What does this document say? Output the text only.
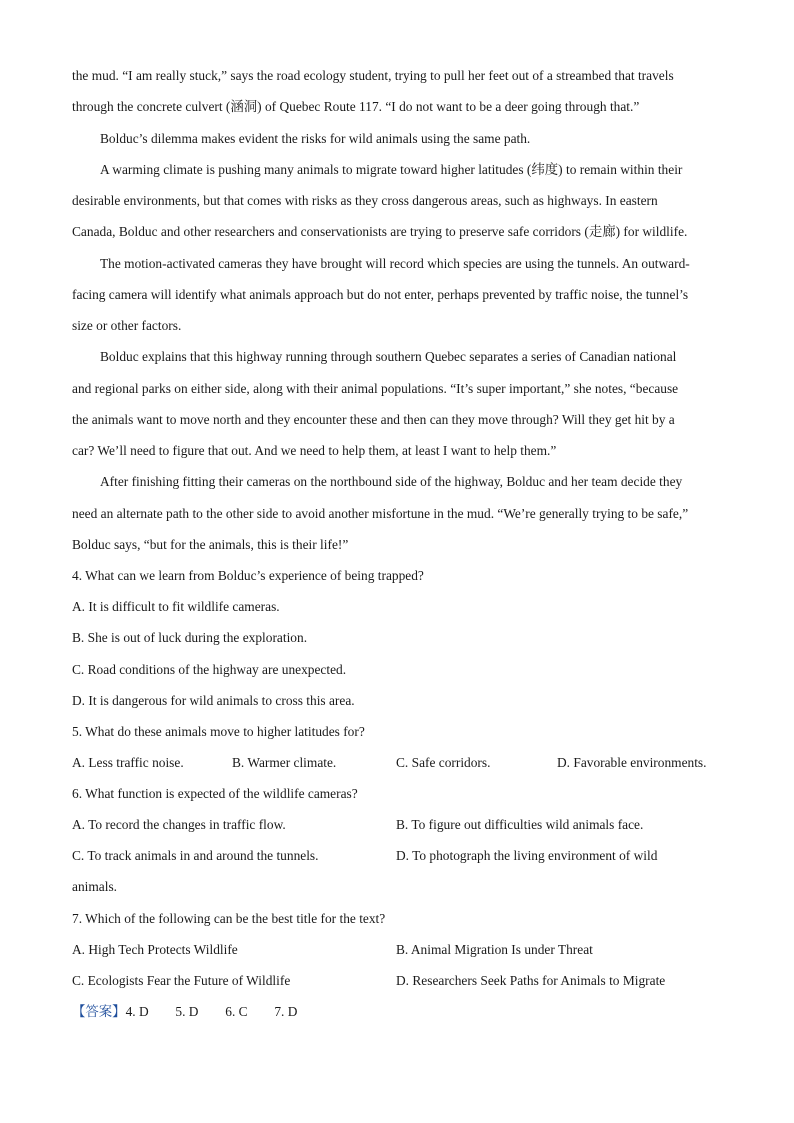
the mud. “I am really stuck,” says the road ecology student, trying to pull her feet out of a streambed that travels
through the concrete culvert (涵洞) of Quebec Route 117. “I do not want to be a deer going through that.”
Bolduc’s dilemma makes evident the risks for wild animals using the same path.
A warming climate is pushing many animals to migrate toward higher latitudes (纬度) to remain within their
desirable environments, but that comes with risks as they cross dangerous areas, such as highways. In eastern
Canada, Bolduc and other researchers and conservationists are trying to preserve safe corridors (走廊) for wildlife.
The motion-activated cameras they have brought will record which species are using the tunnels. An outward-
facing camera will identify what animals approach but do not enter, perhaps prevented by traffic noise, the tunnel’s
size or other factors.
Bolduc explains that this highway running through southern Quebec separates a series of Canadian national
and regional parks on either side, along with their animal populations. “It’s super important,” she notes, “because
the animals want to move north and they encounter these and then can they move through? Will they get hit by a
car? We’ll need to figure that out. And we need to help them, at least I want to help them.”
After finishing fitting their cameras on the northbound side of the highway, Bolduc and her team decide they
need an alternate path to the other side to avoid another misfortune in the mud. “We’re generally trying to be safe,”
Bolduc says, “but for the animals, this is their life!”
4. What can we learn from Bolduc’s experience of being trapped?
A. It is difficult to fit wildlife cameras.
B. She is out of luck during the exploration.
C. Road conditions of the highway are unexpected.
D. It is dangerous for wild animals to cross this area.
5. What do these animals move to higher latitudes for?
A. Less traffic noise.	B. Warmer climate.	C. Safe corridors.	D. Favorable environments.
6. What function is expected of the wildlife cameras?
A. To record the changes in traffic flow.	B. To figure out difficulties wild animals face.
C. To track animals in and around the tunnels.	D. To photograph the living environment of wild
animals.
7. Which of the following can be the best title for the text?
A. High Tech Protects Wildlife	B. Animal Migration Is under Threat
C. Ecologists Fear the Future of Wildlife	D. Researchers Seek Paths for Animals to Migrate
【答案】4. D        5. D        6. C        7. D
